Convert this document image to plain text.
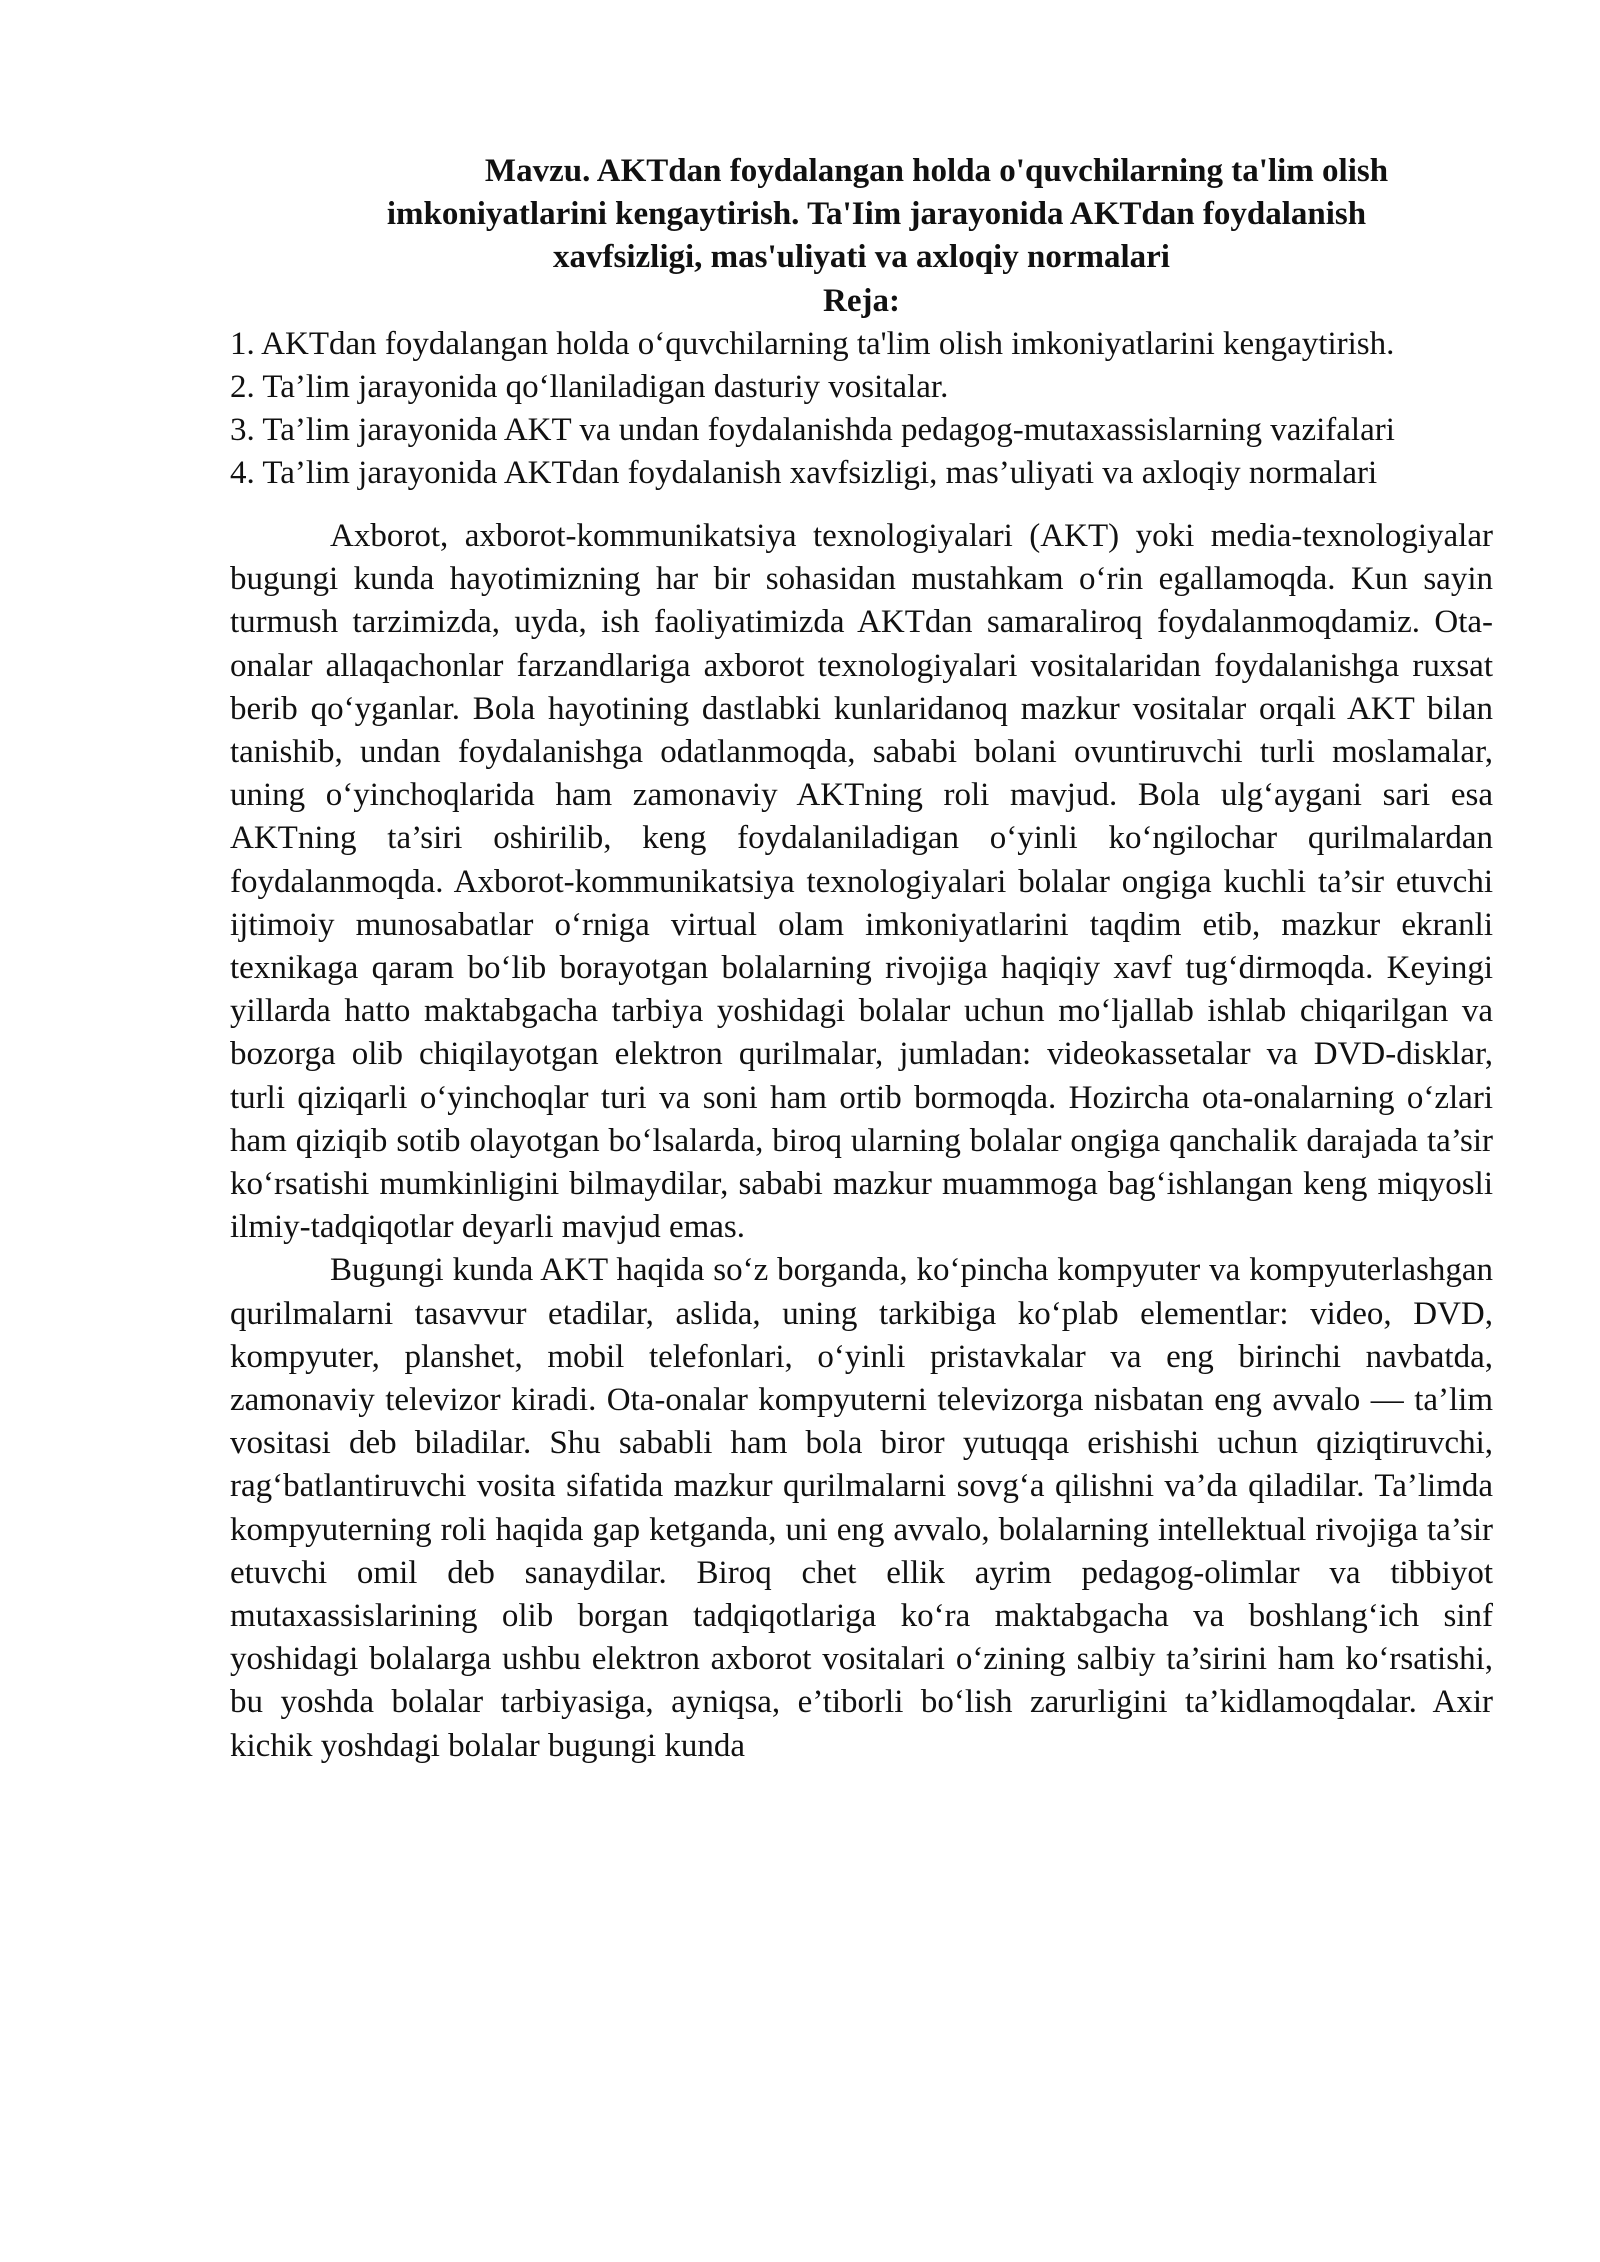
Mavzu. AKTdan foydalangan holda o'quvchilarning ta'lim olish
imkoniyatlarini kengaytirish. Ta'Iim jarayonida AKTdan foydalanish
xavfsizligi, mas'uliyati va axloqiy normalari
Reja:
1. AKTdan foydalangan holda o‘quvchilarning ta'lim olish imkoniyatlarini kengaytirish.
2. Ta’lim jarayonida qo‘llaniladigan dasturiy vositalar.
3. Ta’lim jarayonida AKT va undan foydalanishda pedagog-mutaxassislarning vazifalari
4. Ta’lim jarayonida AKTdan foydalanish xavfsizligi, mas’uliyati va axloqiy normalari

Axborot, axborot-kommunikatsiya texnologiyalari (AKT) yoki media-texnologiyalar bugungi kunda hayotimizning har bir sohasidan mustahkam o‘rin egallamoqda. Kun sayin turmush tarzimizda, uyda, ish faoliyatimizda AKTdan samaraliroq foydalanmoqdamiz. Ota-onalar allaqachonlar farzandlariga axborot texnologiyalari vositalaridan foydalanishga ruxsat berib qo‘yganlar. Bola hayotining dastlabki kunlaridanoq mazkur vositalar orqali AKT bilan tanishib, undan foydalanishga odatlanmoqda, sababi bolani ovuntiruvchi turli moslamalar, uning o‘yinchoqlarida ham zamonaviy AKTning roli mavjud. Bola ulg‘aygani sari esa AKTning ta’siri oshirilib, keng foydalaniladigan o‘yinli ko‘ngilochar qurilmalardan foydalanmoqda. Axborot-kommunikatsiya texnologiyalari bolalar ongiga kuchli ta’sir etuvchi ijtimoiy munosabatlar o‘rniga virtual olam imkoniyatlarini taqdim etib, mazkur ekranli texnikaga qaram bo‘lib borayotgan bolalarning rivojiga haqiqiy xavf tug‘dirmoqda. Keyingi yillarda hatto maktabgacha tarbiya yoshidagi bolalar uchun mo‘ljallab ishlab chiqarilgan va bozorga olib chiqilayotgan elektron qurilmalar, jumladan: videokassetalar va DVD-disklar, turli qiziqarli o‘yinchoqlar turi va soni ham ortib bormoqda. Hozircha ota-onalarning o‘zlari ham qiziqib sotib olayotgan bo‘lsalarda, biroq ularning bolalar ongiga qanchalik darajada ta’sir ko‘rsatishi mumkinligini bilmaydilar, sababi mazkur muammoga bag‘ishlangan keng miqyosli ilmiy-tadqiqotlar deyarli mavjud emas.

Bugungi kunda AKT haqida so‘z borganda, ko‘pincha kompyuter va kompyuterlashgan qurilmalarni tasavvur etadilar, aslida, uning tarkibiga ko‘plab elementlar: video, DVD, kompyuter, planshet, mobil telefonlari, o‘yinli pristavkalar va eng birinchi navbatda, zamonaviy televizor kiradi. Ota-onalar kompyuterni televizorga nisbatan eng avvalo — ta’lim vositasi deb biladilar. Shu sababli ham bola biror yutuqqa erishishi uchun qiziqtiruvchi, rag‘batlantiruvchi vosita sifatida mazkur qurilmalarni sovg‘a qilishni va’da qiladilar. Ta’limda kompyuterning roli haqida gap ketganda, uni eng avvalo, bolalarning intellektual rivojiga ta’sir etuvchi omil deb sanaydilar. Biroq chet ellik ayrim pedagog-olimlar va tibbiyot mutaxassislarining olib borgan tadqiqotlariga ko‘ra maktabgacha va boshlang‘ich sinf yoshidagi bolalarga ushbu elektron axborot vositalari o‘zining salbiy ta’sirini ham ko‘rsatishi, bu yoshda bolalar tarbiyasiga, ayniqsa, e’tiborli bo‘lish zarurligini ta’kidlamoqdalar. Axir kichik yoshdagi bolalar bugungi kunda
